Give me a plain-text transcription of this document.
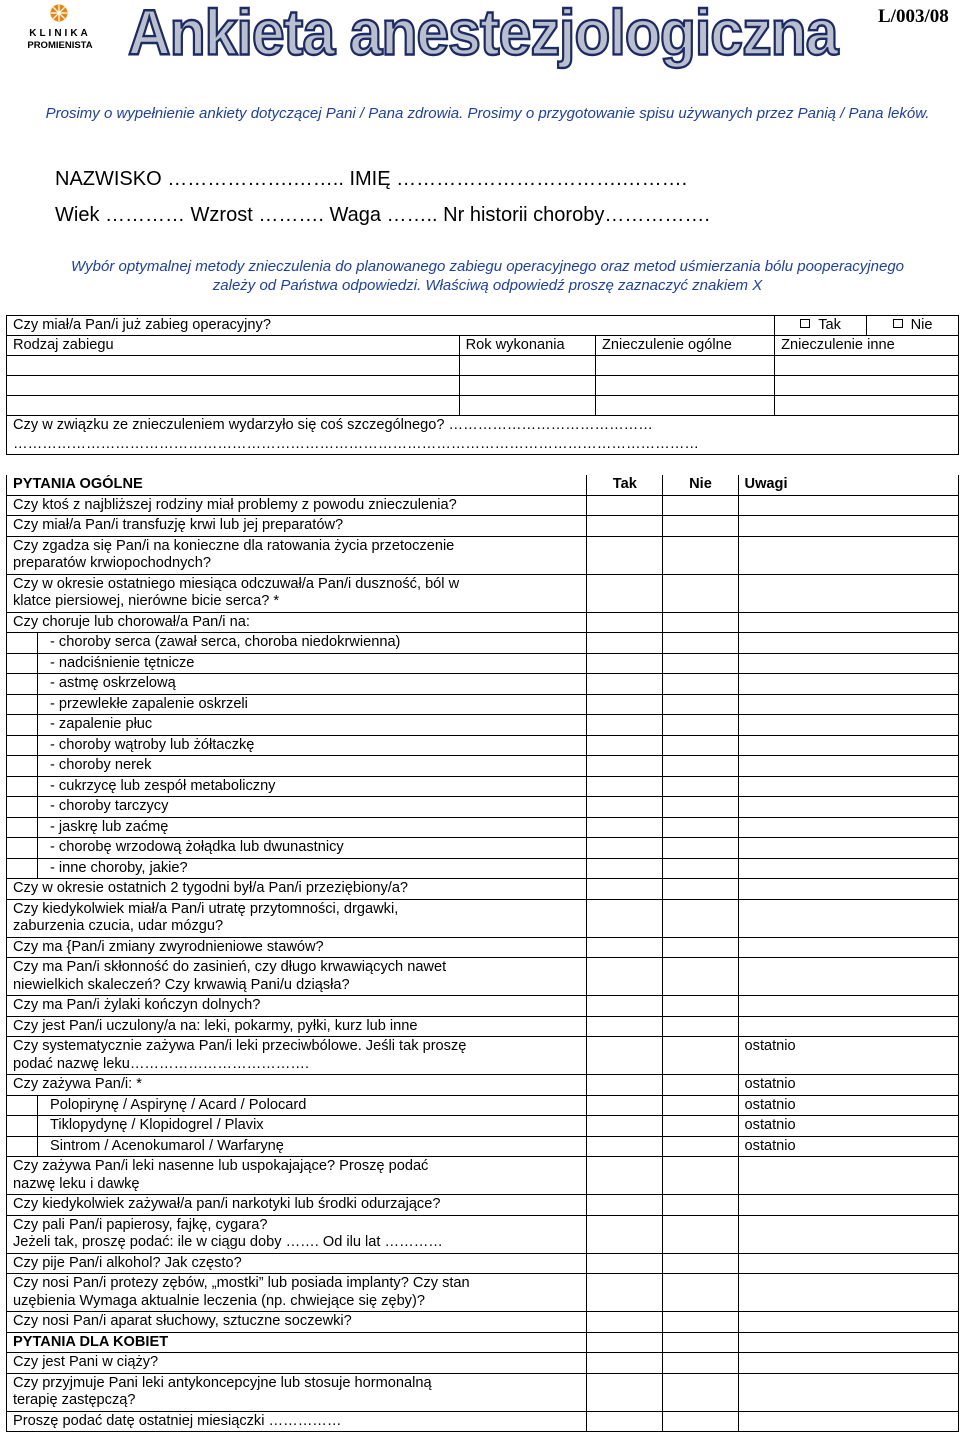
KLINIKA
PROMIENISTA Ankieta anestezjologiczna L/003/08
Prosimy o wypełnienie ankiety dotyczącej Pani / Pana zdrowia. Prosimy o przygotowanie spisu używanych przez Panią / Pana leków.
NAZWISKO ……………….…….. IMIĘ …………………………….……….
Wiek ………… Wzrost ………. Waga …….. Nr historii choroby…………….
Wybór optymalnej metody znieczulenia do planowanego zabiegu operacyjnego oraz metod uśmierzania bólu pooperacyjnego
zależy od Państwa odpowiedzi. Właściwą odpowiedź proszę zaznaczyć znakiem X
Czy miał/a Pan/i już zabieg operacyjny?			Tak	Nie
Rodzaj zabiegu	Rok wykonania	Znieczulenie ogólne	Znieczulenie inne	

Czy w związku ze znieczuleniem wydarzyło się coś szczególnego? ……………………………………
……………………………………………………………………………………………………………………………				
PYTANIA OGÓLNE	Tak	Nie	Uwagi
Czy ktoś z najbliższej rodziny miał problemy z powodu znieczulenia?			
Czy miał/a Pan/i transfuzję krwi lub jej preparatów?			

Czy zgadza się Pan/i na konieczne dla ratowania życia przetoczenie
preparatów krwiopochodnych?			

Czy w okresie ostatniego miesiąca odczuwał/a Pan/i duszność, ból w
klatce piersiowej, nierówne bicie serca? *			

Czy choruje lub chorował/a Pan/i na:			

- choroby serca (zawał serca, choroba niedokrwienna)			

- nadciśnienie tętnicze			

- astmę oskrzelową			

- przewlekłe zapalenie oskrzeli			

- zapalenie płuc			

- choroby wątroby lub żółtaczkę			

- choroby nerek			

- cukrzycę lub zespół metaboliczny			

- choroby tarczycy			

- jaskrę lub zaćmę			

- chorobę wrzodową żołądka lub dwunastnicy			

- inne choroby, jakie?			
Czy w okresie ostatnich 2 tygodni był/a Pan/i przeziębiony/a?			

Czy kiedykolwiek miał/a Pan/i utratę przytomności, drgawki,
zaburzenia czucia, udar mózgu?			

Czy ma {Pan/i zmiany zwyrodnieniowe stawów?			

Czy ma Pan/i skłonność do zasinień, czy długo krwawiących nawet
niewielkich skaleczeń? Czy krwawią Pani/u dziąsła?			

Czy ma Pan/i żylaki kończyn dolnych?			
Czy jest Pan/i uczulony/a na: leki, pokarmy, pyłki, kurz lub inne			

Czy systematycznie zażywa Pan/i leki przeciwbólowe. Jeśli tak proszę
podać nazwę leku……………………………….			ostatnio
Czy zażywa Pan/i: *			ostatnio

Polopirynę / Aspirynę / Acard / Polocard			ostatnio

Tiklopydynę / Klopidogrel / Plavix			ostatnio

Sintrom / Acenokumarol / Warfarynę			ostatnio

Czy zażywa Pan/i leki nasenne lub uspokajające? Proszę podać
nazwę leku i dawkę			

Czy kiedykolwiek zażywał/a pan/i narkotyki lub środki odurzające?			

Czy pali Pan/i papierosy, fajkę, cygara?
Jeżeli tak, proszę podać: ile w ciągu doby ……. Od ilu lat …………			

Czy pije Pan/i alkohol? Jak często?			

Czy nosi Pan/i protezy zębów, „mostki” lub posiada implanty? Czy stan
uzębienia Wymaga aktualnie leczenia (np. chwiejące się zęby)?			

Czy nosi Pan/i aparat słuchowy, sztuczne soczewki?			
PYTANIA DLA KOBIET			
Czy jest Pani w ciąży?			

Czy przyjmuje Pani leki antykoncepcyjne lub stosuje hormonalną
terapię zastępczą?			

Proszę podać datę ostatniej miesiączki ……………			
